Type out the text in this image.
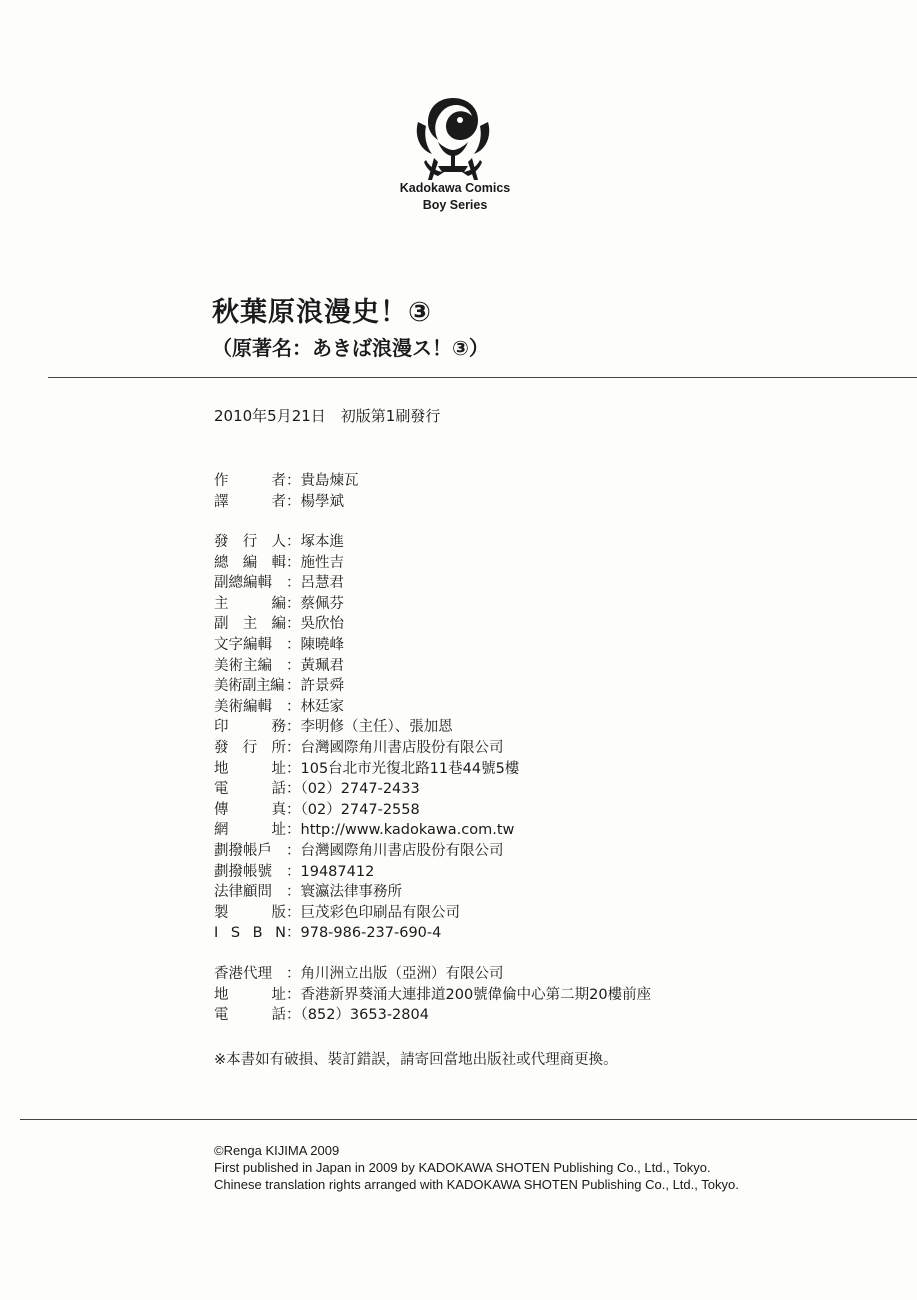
Kadokawa Comics
Boy Series
秋葉原浪漫史！③
（原著名：あきば浪漫ス！③）
2010年5月21日　初版第1刷發行
作	者 ：貴島煉瓦
譯	者 ：楊學斌
發 行 人 ：塚本進
總 編 輯 ：施性吉
副總編輯 ：呂慧君
主	編 ：蔡佩芬
副 主 編 ：吳欣怡
文字編輯 ：陳曉峰
美術主編 ：黃珮君
美術副主編 ：許景舜
美術編輯 ：林廷家
印	務 ：李明修（主任）、張加恩
發 行 所 ：台灣國際角川書店股份有限公司
地	址 ：105台北市光復北路11巷44號5樓
電	話 ：（02）2747-2433
傳	真 ：（02）2747-2558
網	址 ：http://www.kadokawa.com.tw
劃撥帳戶 ：台灣國際角川書店股份有限公司
劃撥帳號 ：19487412
法律顧問 ：寰瀛法律事務所
製	版 ：巨茂彩色印刷品有限公司
I S B N ：978-986-237-690-4
香港代理 ：角川洲立出版（亞洲）有限公司
地	址 ：香港新界葵涌大連排道200號偉倫中心第二期20樓前座
電	話 ：（852）3653-2804
※本書如有破損、裝訂錯誤，請寄回當地出版社或代理商更換。
©Renga KIJIMA 2009
First published in Japan in 2009 by KADOKAWA SHOTEN Publishing Co., Ltd., Tokyo.
Chinese translation rights arranged with KADOKAWA SHOTEN Publishing Co., Ltd., Tokyo.
